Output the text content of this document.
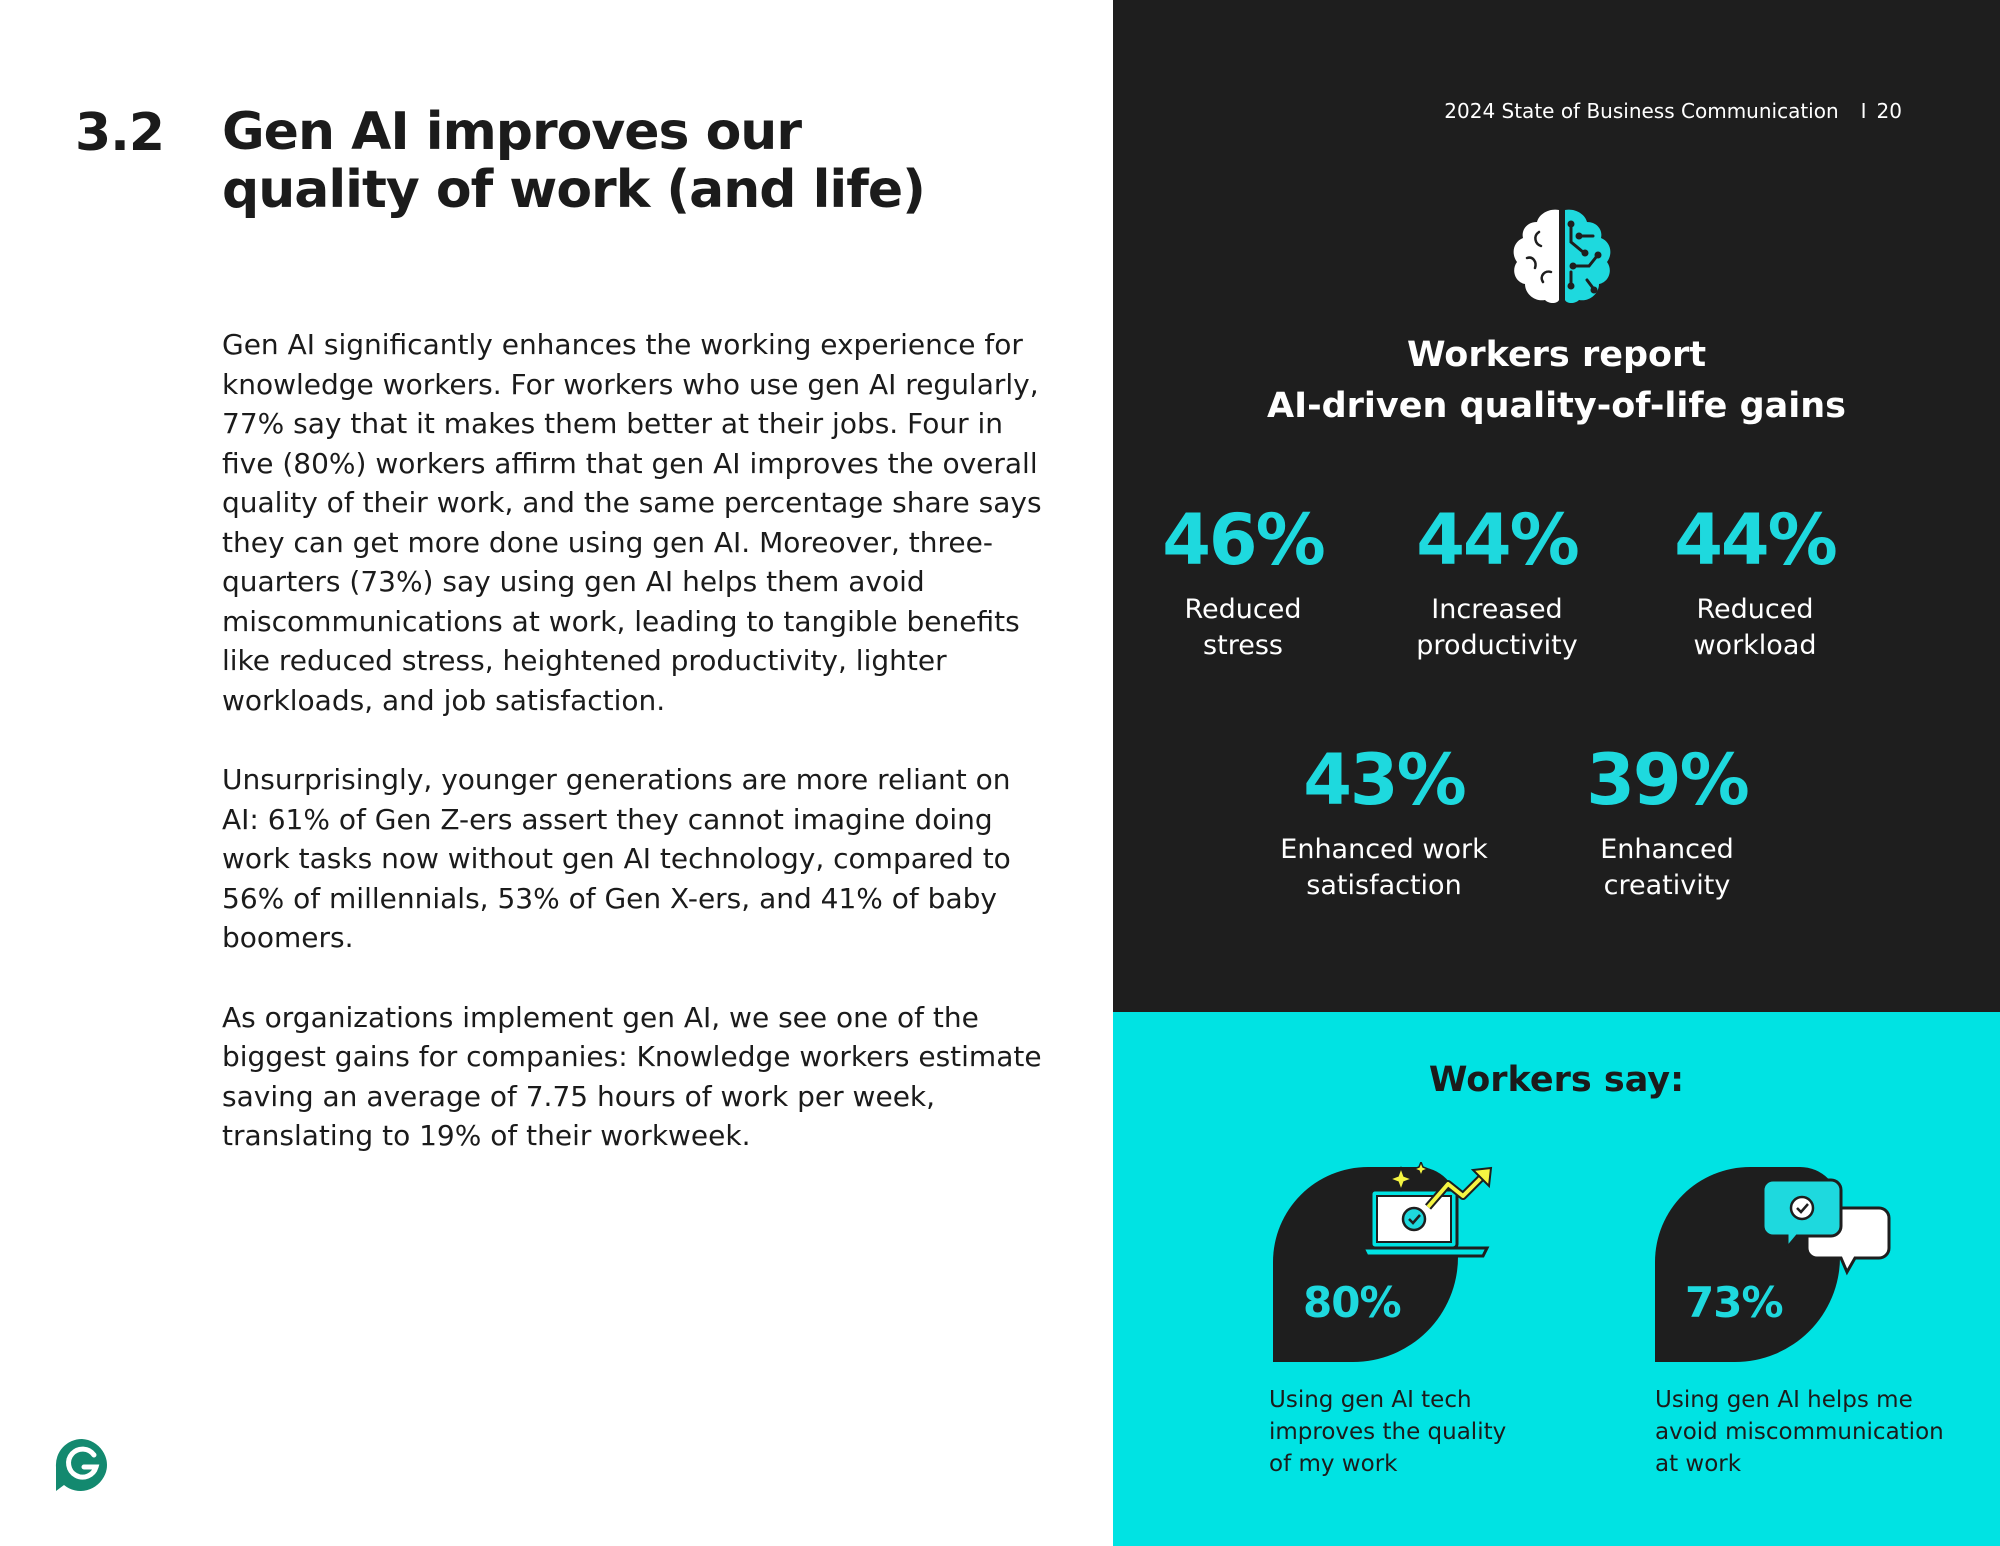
3.2 Gen AI improves our quality of work (and life)

Gen AI significantly enhances the working experience for knowledge workers. For workers who use gen AI regularly, 77% say that it makes them better at their jobs. Four in five (80%) workers affirm that gen AI improves the overall quality of their work, and the same percentage share says they can get more done using gen AI. Moreover, three-quarters (73%) say using gen AI helps them avoid miscommunications at work, leading to tangible benefits like reduced stress, heightened productivity, lighter workloads, and job satisfaction.

Unsurprisingly, younger generations are more reliant on AI: 61% of Gen Z-ers assert they cannot imagine doing work tasks now without gen AI technology, compared to 56% of millennials, 53% of Gen X-ers, and 41% of baby boomers.

As organizations implement gen AI, we see one of the biggest gains for companies: Knowledge workers estimate saving an average of 7.75 hours of work per week, translating to 19% of their workweek.

2024 State of Business Communication I 20
Workers report
AI-driven quality-of-life gains
46%
Reduced
stress
44%
Increased
productivity
44%
Reduced
workload
43%
Enhanced work
satisfaction
39%
Enhanced
creativity
Workers say:
80%
Using gen AI tech
improves the quality
of my work
73%
Using gen AI helps me
avoid miscommunication
at work
